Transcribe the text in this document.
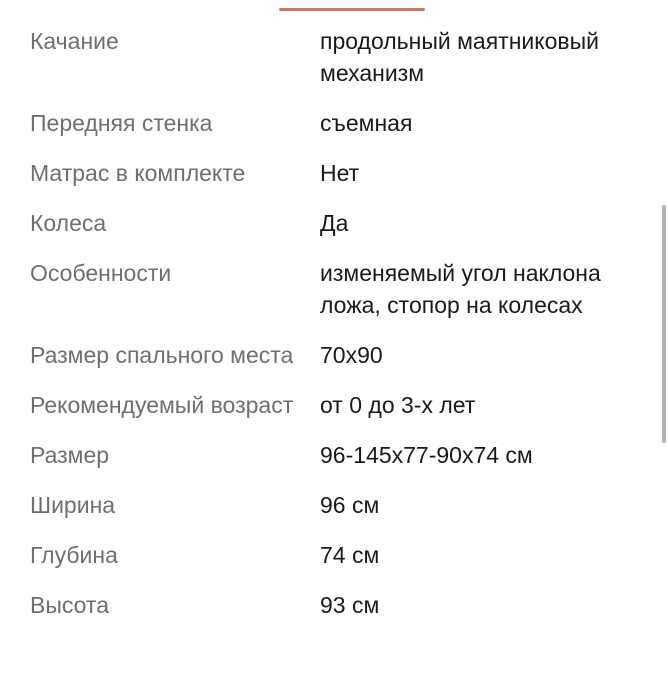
Качание	продольный маятниковый механизм
Передняя стенка	съемная
Матрас в комплекте	Нет
Колеса	Да
Особенности	изменяемый угол наклона ложа, стопор на колесах
Размер спального места	70x90
Рекомендуемый возраст	от 0 до 3-х лет
Размер	96-145x77-90x74 см
Ширина	96 см
Глубина	74 см
Высота	93 см
